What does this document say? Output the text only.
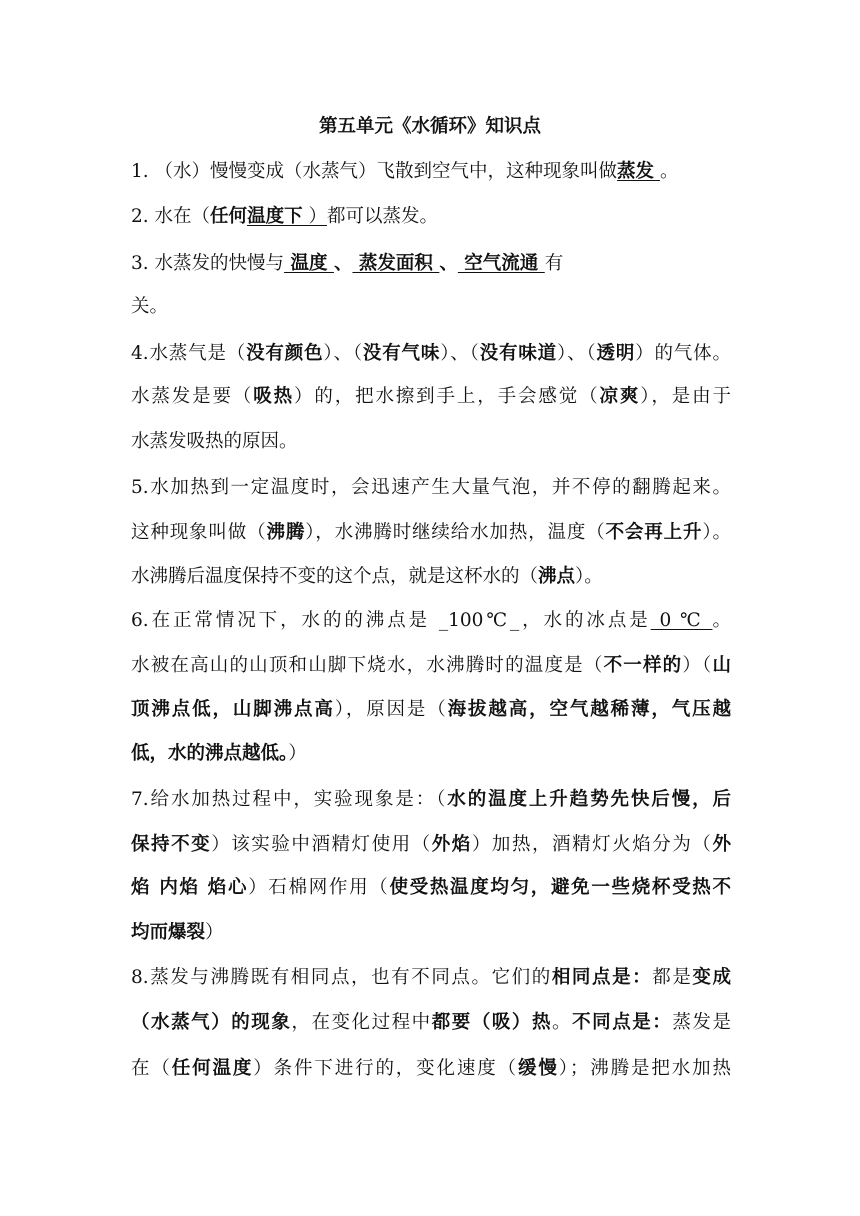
第五单元《水循环》知识点
1. （水）慢慢变成（水蒸气）飞散到空气中，这种现象叫做蒸发 。
2. 水在（任何温度下 ）都可以蒸发。
3. 水蒸发的快慢与 温度 、 蒸发面积 、 空气流通 有
关。
4.水蒸气是（没有颜色）、（没有气味）、（没有味道）、（透明）的气体。
水蒸发是要（吸热）的，把水擦到手上，手会感觉（凉爽），是由于
水蒸发吸热的原因。
5.水加热到一定温度时，会迅速产生大量气泡，并不停的翻腾起来。
这种现象叫做（沸腾），水沸腾时继续给水加热，温度（不会再上升）。
水沸腾后温度保持不变的这个点，就是这杯水的（沸点）。
6.在正常情况下，水的的沸点是 _100℃_，水的冰点是 0 ℃ 。
水被在高山的山顶和山脚下烧水，水沸腾时的温度是（不一样的）（山
顶沸点低，山脚沸点高），原因是（海拔越高，空气越稀薄，气压越
低，水的沸点越低。）
7.给水加热过程中，实验现象是：（水的温度上升趋势先快后慢，后
保持不变）该实验中酒精灯使用（外焰）加热，酒精灯火焰分为（外
焰 内焰 焰心）石棉网作用（使受热温度均匀，避免一些烧杯受热不
均而爆裂）
8.蒸发与沸腾既有相同点，也有不同点。它们的相同点是：都是变成
（水蒸气）的现象，在变化过程中都要（吸）热。不同点是：蒸发是
在（任何温度）条件下进行的，变化速度（缓慢）；沸腾是把水加热
